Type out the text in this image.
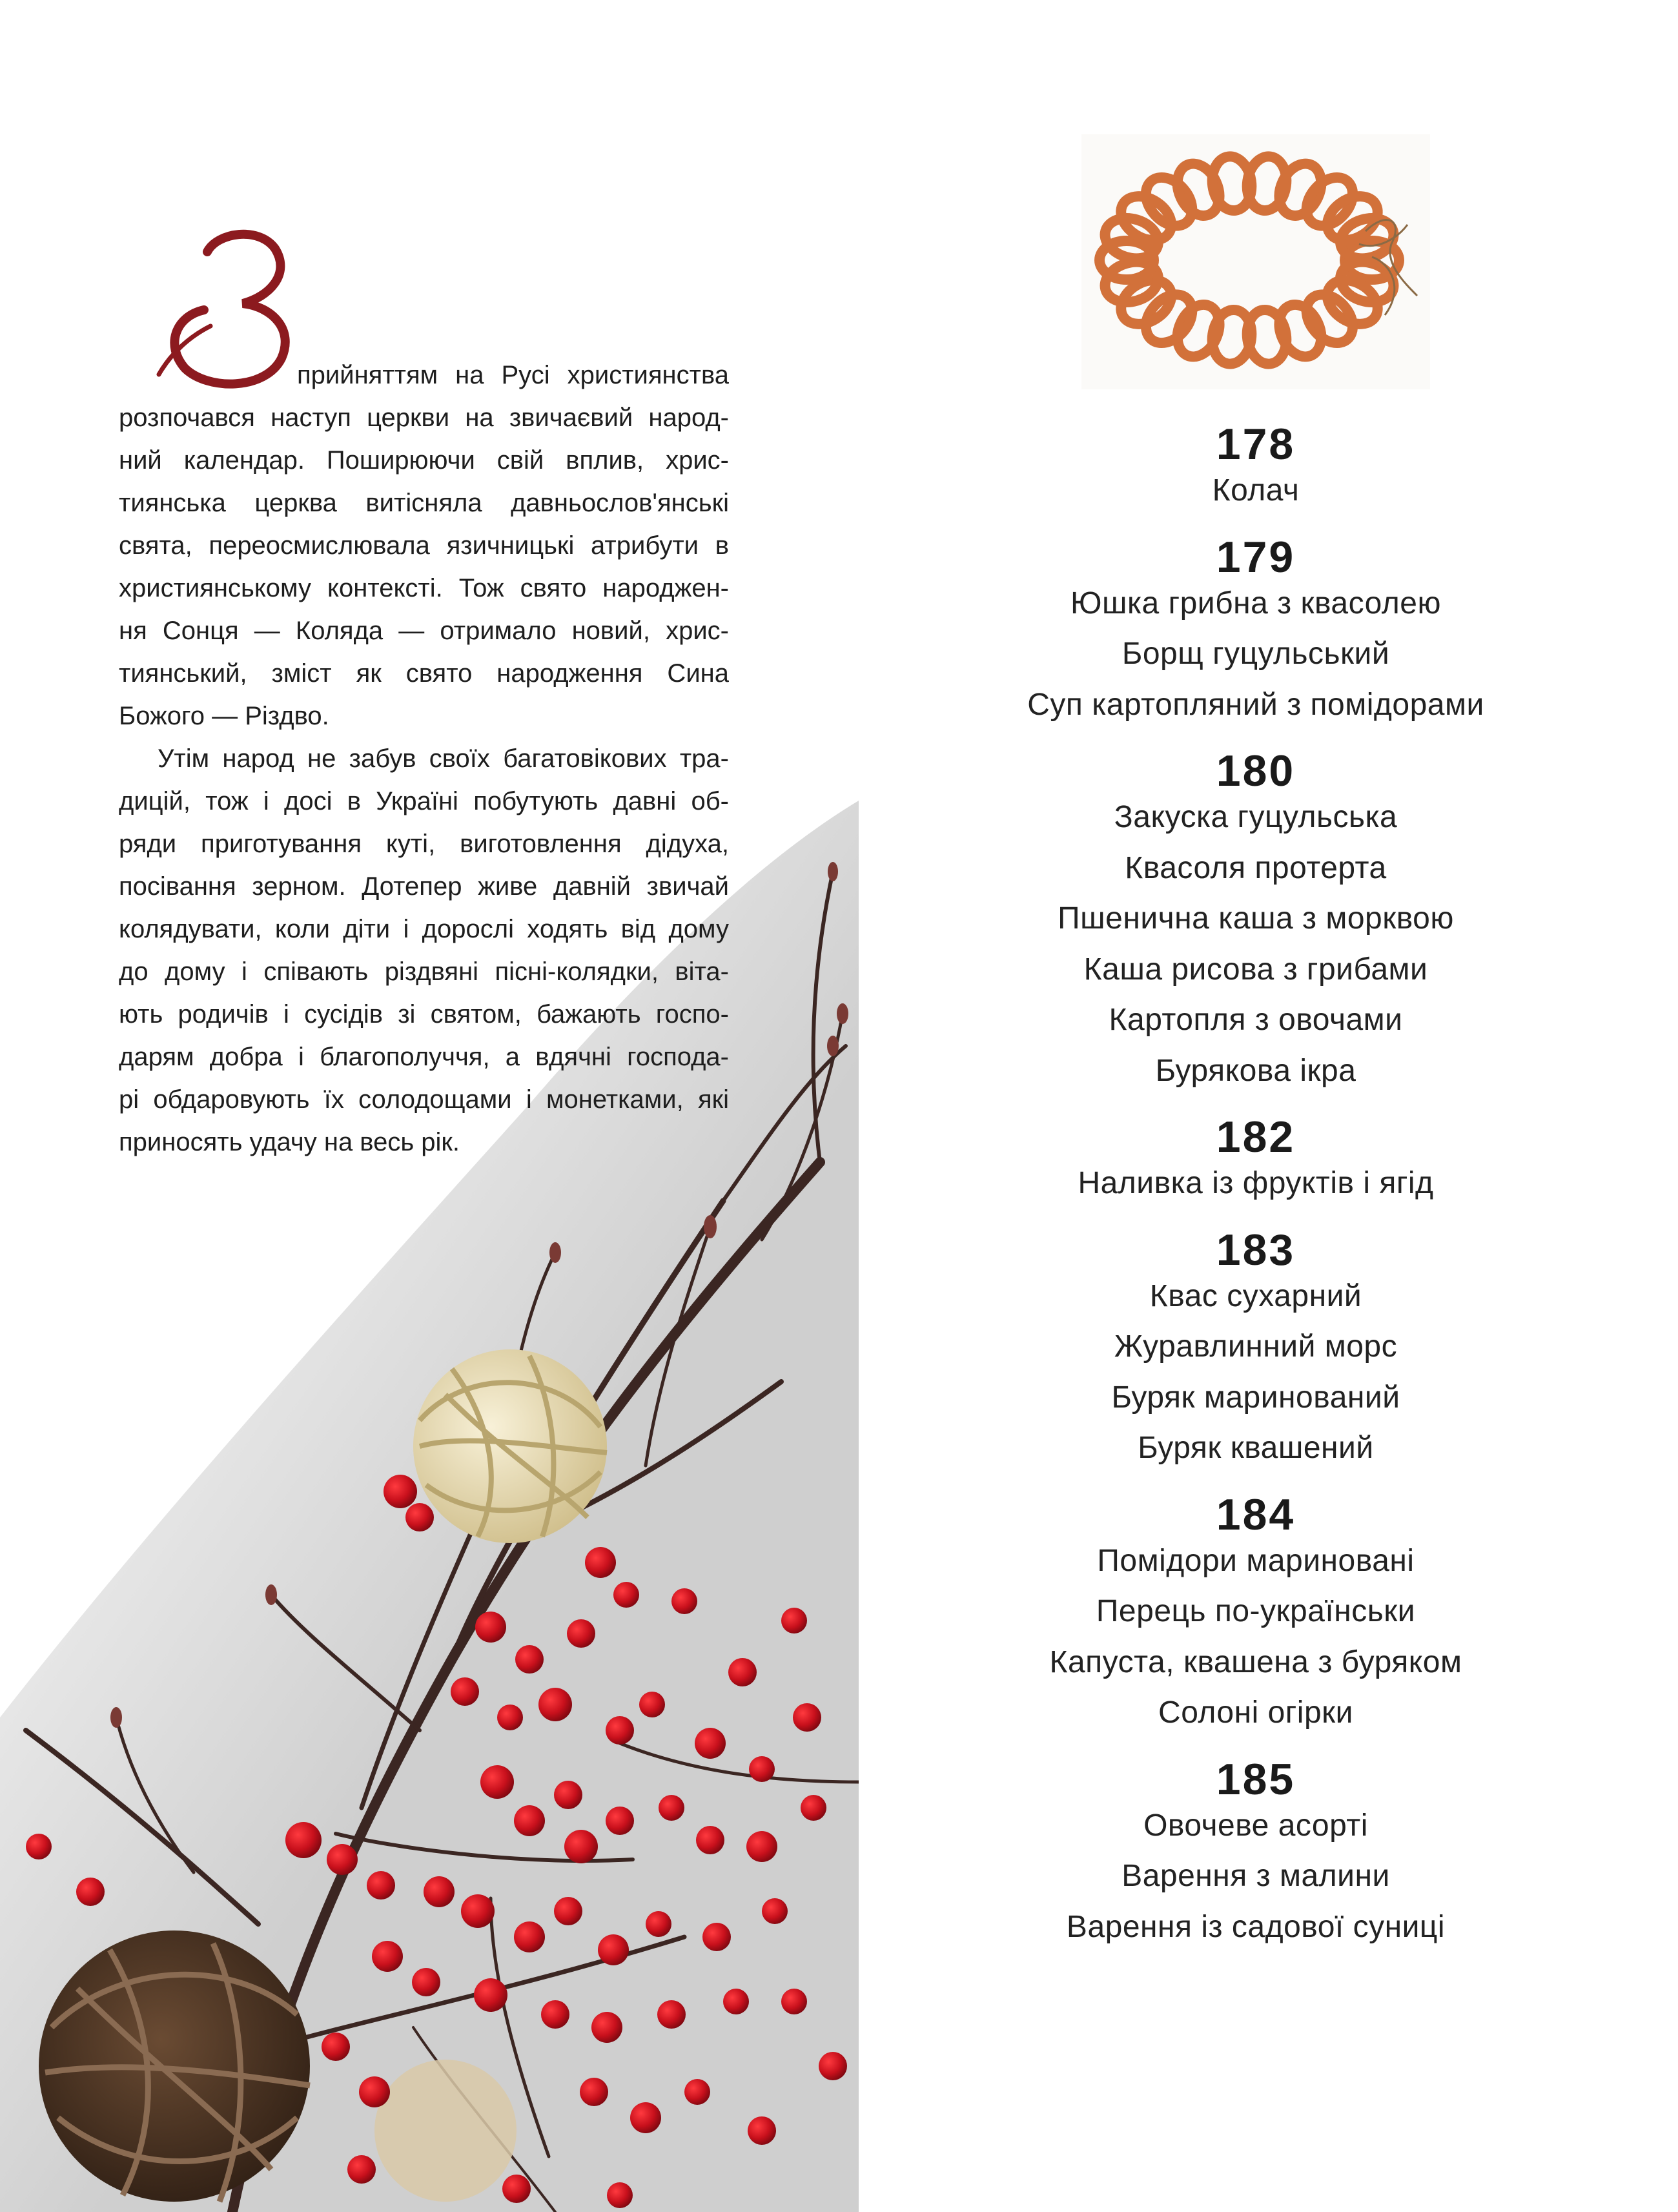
прийняттям на Русі християнства
розпочався наступ церкви на звичаєвий народ-
ний календар. Поширюючи свій вплив, хрис-
тиянська церква витісняла давньослов'янські
свята, переосмислювала язичницькі атрибути в
християнському контексті. Тож свято народжен-
ня Сонця — Коляда — отримало новий, хрис-
тиянський, зміст як свято народження Сина
Божого — Різдво.

Утім народ не забув своїх багатовікових тра-
дицій, тож і досі в Україні побутують давні об-
ряди приготування куті, виготовлення дідуха,
посівання зерном. Дотепер живе давній звичай
колядувати, коли діти і дорослі ходять від дому
до дому і співають різдвяні пісні-колядки, віта-
ють родичів і сусідів зі святом, бажають госпо-
дарям добра і благополуччя, а вдячні господа-
рі обдаровують їх солодощами і монетками, які
приносять удачу на весь рік.

178
Колач
179
Юшка грибна з квасолею
Борщ гуцульський
Суп картопляний з помідорами
180
Закуска гуцульська
Квасоля протерта
Пшенична каша з морквою
Каша рисова з грибами
Картопля з овочами
Бурякова ікра
182
Наливка із фруктів і ягід
183
Квас сухарний
Журавлинний морс
Буряк маринований
Буряк квашений
184
Помідори мариновані
Перець по-українськи
Капуста, квашена з буряком
Солоні огірки
185
Овочеве асорті
Варення з малини
Варення із садової суниці
